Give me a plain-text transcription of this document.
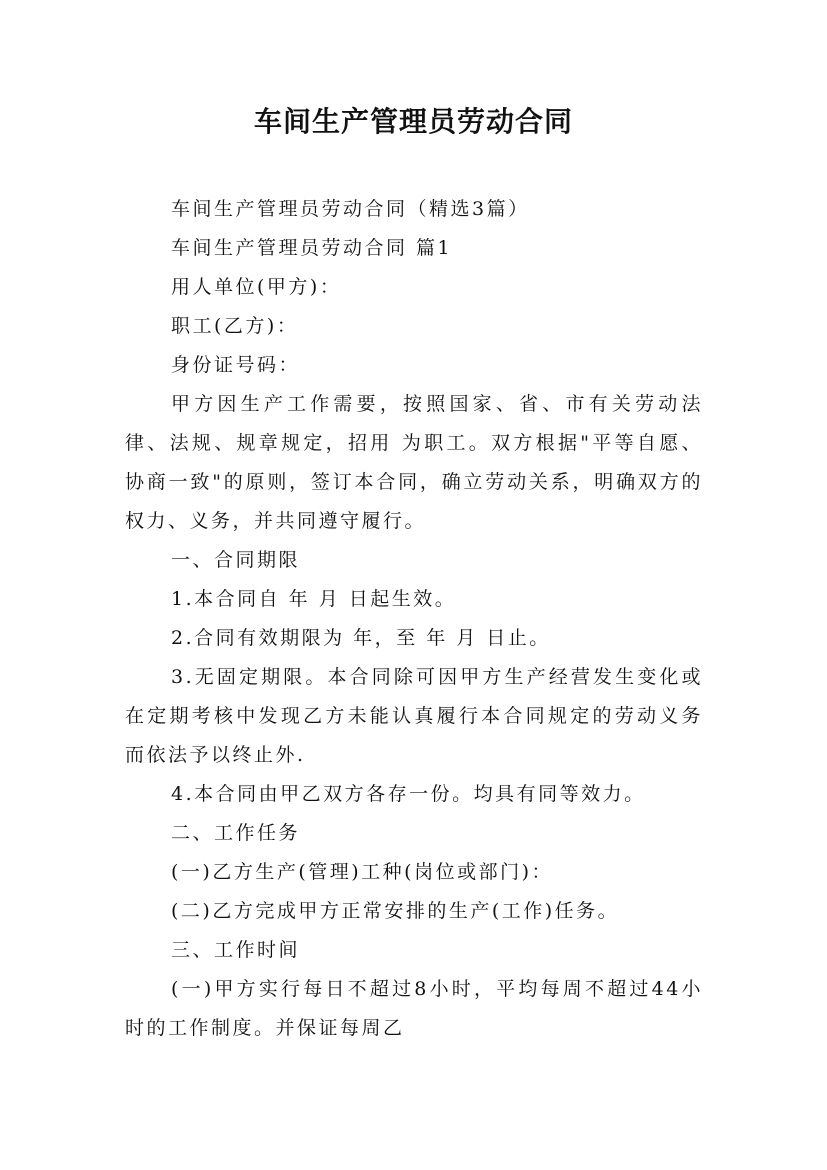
车间生产管理员劳动合同

车间生产管理员劳动合同（精选3篇）

车间生产管理员劳动合同 篇1

用人单位(甲方)：

职工(乙方)：

身份证号码：

甲方因生产工作需要，按照国家、省、市有关劳动法律、法规、规章规定，招用 为职工。双方根据"平等自愿、协商一致"的原则，签订本合同，确立劳动关系，明确双方的权力、义务，并共同遵守履行。

一、合同期限

1.本合同自 年 月 日起生效。

2.合同有效期限为 年，至 年 月 日止。

3.无固定期限。本合同除可因甲方生产经营发生变化或在定期考核中发现乙方未能认真履行本合同规定的劳动义务而依法予以终止外.

4.本合同由甲乙双方各存一份。均具有同等效力。

二、工作任务

(一)乙方生产(管理)工种(岗位或部门)：

(二)乙方完成甲方正常安排的生产(工作)任务。

三、工作时间

(一)甲方实行每日不超过8小时，平均每周不超过44小时的工作制度。并保证每周乙
